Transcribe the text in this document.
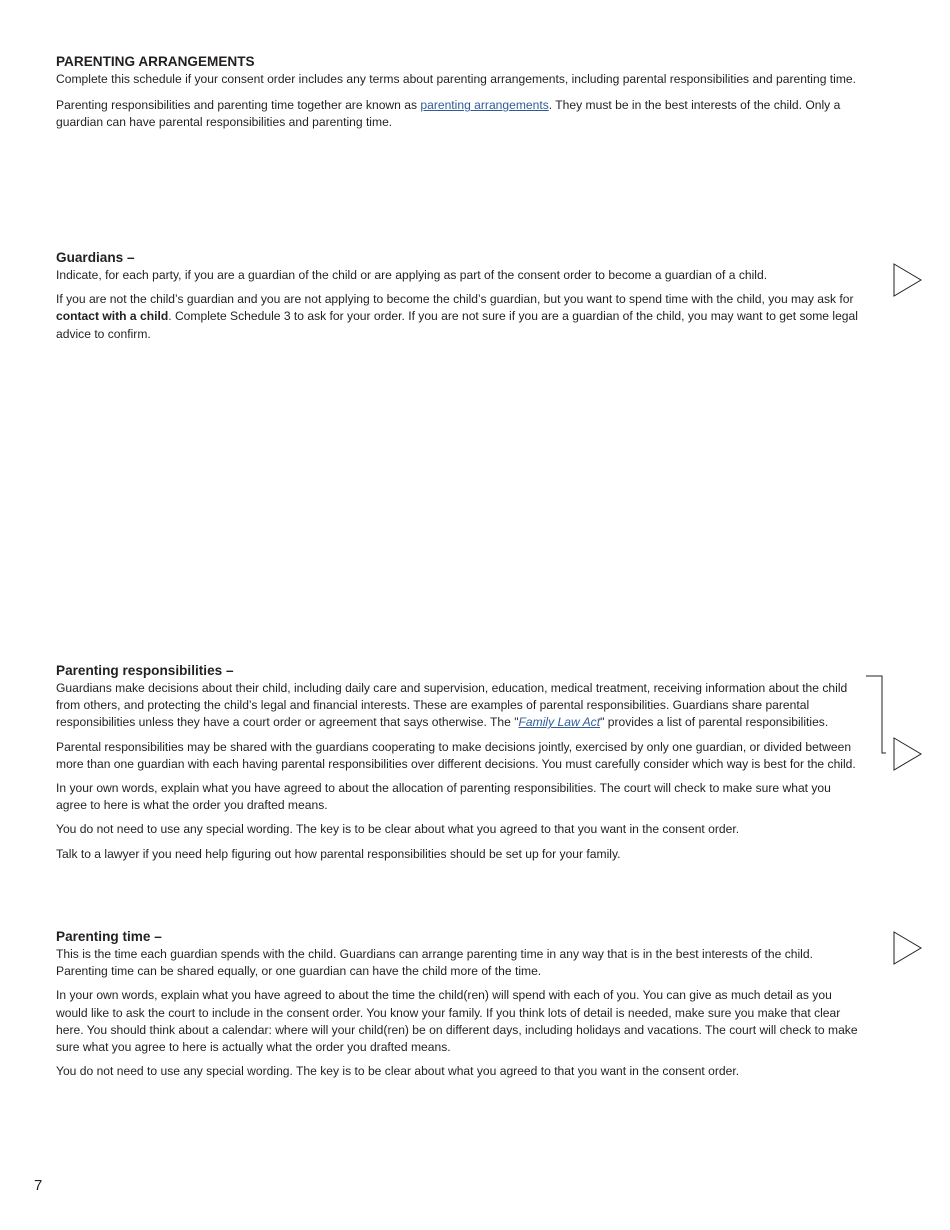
PARENTING ARRANGEMENTS

Complete this schedule if your consent order includes any terms about parenting arrangements, including parental responsibilities and parenting time.

Parenting responsibilities and parenting time together are known as parenting arrangements. They must be in the best interests of the child. Only a guardian can have parental responsibilities and parenting time.

Guardians –

Indicate, for each party, if you are a guardian of the child or are applying as part of the consent order to become a guardian of a child.

If you are not the child’s guardian and you are not applying to become the child’s guardian, but you want to spend time with the child, you may ask for contact with a child. Complete Schedule 3 to ask for your order. If you are not sure if you are a guardian of the child, you may want to get some legal advice to confirm.

Parenting responsibilities –

Guardians make decisions about their child, including daily care and supervision, education, medical treatment, receiving information about the child from others, and protecting the child’s legal and financial interests. These are examples of parental responsibilities. Guardians share parental responsibilities unless they have a court order or agreement that says otherwise. The "Family Law Act" provides a list of parental responsibilities.

Parental responsibilities may be shared with the guardians cooperating to make decisions jointly, exercised by only one guardian, or divided between more than one guardian with each having parental responsibilities over different decisions. You must carefully consider which way is best for the child.

In your own words, explain what you have agreed to about the allocation of parenting responsibilities. The court will check to make sure what you agree to here is what the order you drafted means.

You do not need to use any special wording. The key is to be clear about what you agreed to that you want in the consent order.

Talk to a lawyer if you need help figuring out how parental responsibilities should be set up for your family.

Parenting time –

This is the time each guardian spends with the child. Guardians can arrange parenting time in any way that is in the best interests of the child. Parenting time can be shared equally, or one guardian can have the child more of the time.

In your own words, explain what you have agreed to about the time the child(ren) will spend with each of you. You can give as much detail as you would like to ask the court to include in the consent order. You know your family. If you think lots of detail is needed, make sure you make that clear here. You should think about a calendar: where will your child(ren) be on different days, including holidays and vacations. The court will check to make sure what you agree to here is actually what the order you drafted means.

You do not need to use any special wording. The key is to be clear about what you agreed to that you want in the consent order.

7
